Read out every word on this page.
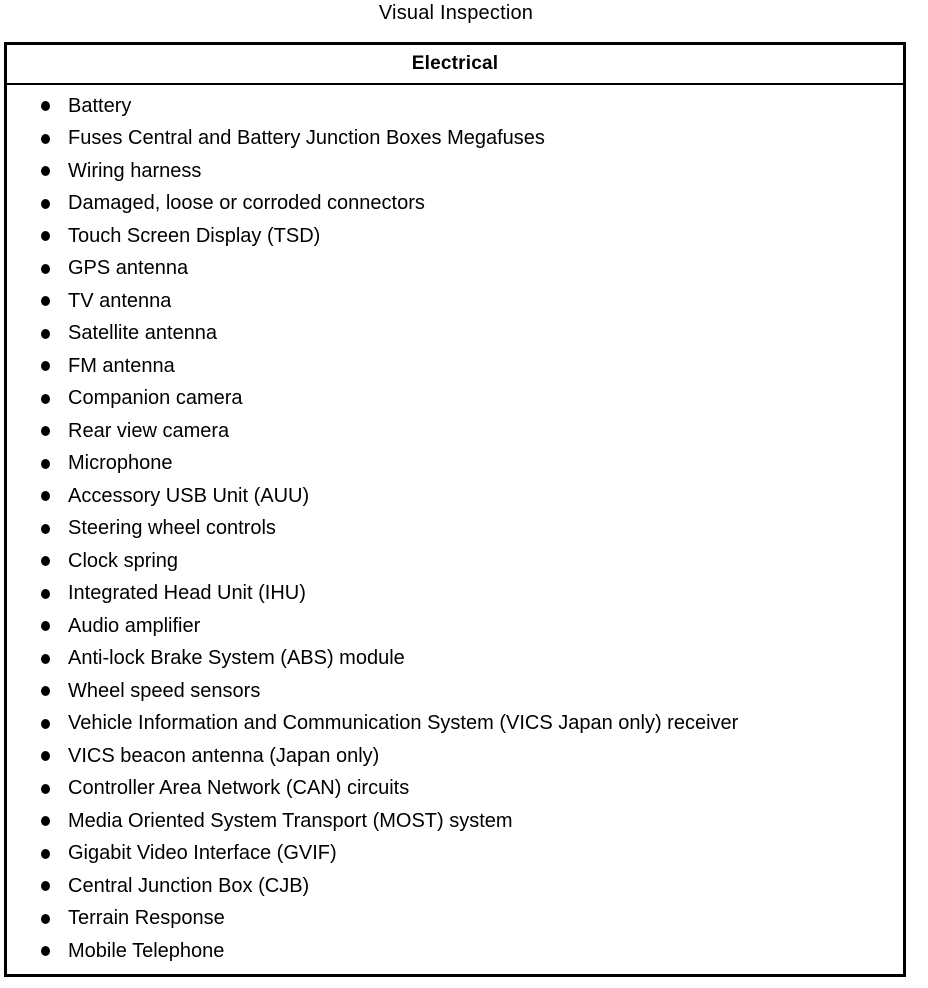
Visual Inspection
Electrical
Battery
Fuses Central and Battery Junction Boxes Megafuses
Wiring harness
Damaged, loose or corroded connectors
Touch Screen Display (TSD)
GPS antenna
TV antenna
Satellite antenna
FM antenna
Companion camera
Rear view camera
Microphone
Accessory USB Unit (AUU)
Steering wheel controls
Clock spring
Integrated Head Unit (IHU)
Audio amplifier
Anti-lock Brake System (ABS) module
Wheel speed sensors
Vehicle Information and Communication System (VICS Japan only) receiver
VICS beacon antenna (Japan only)
Controller Area Network (CAN) circuits
Media Oriented System Transport (MOST) system
Gigabit Video Interface (GVIF)
Central Junction Box (CJB)
Terrain Response
Mobile Telephone
